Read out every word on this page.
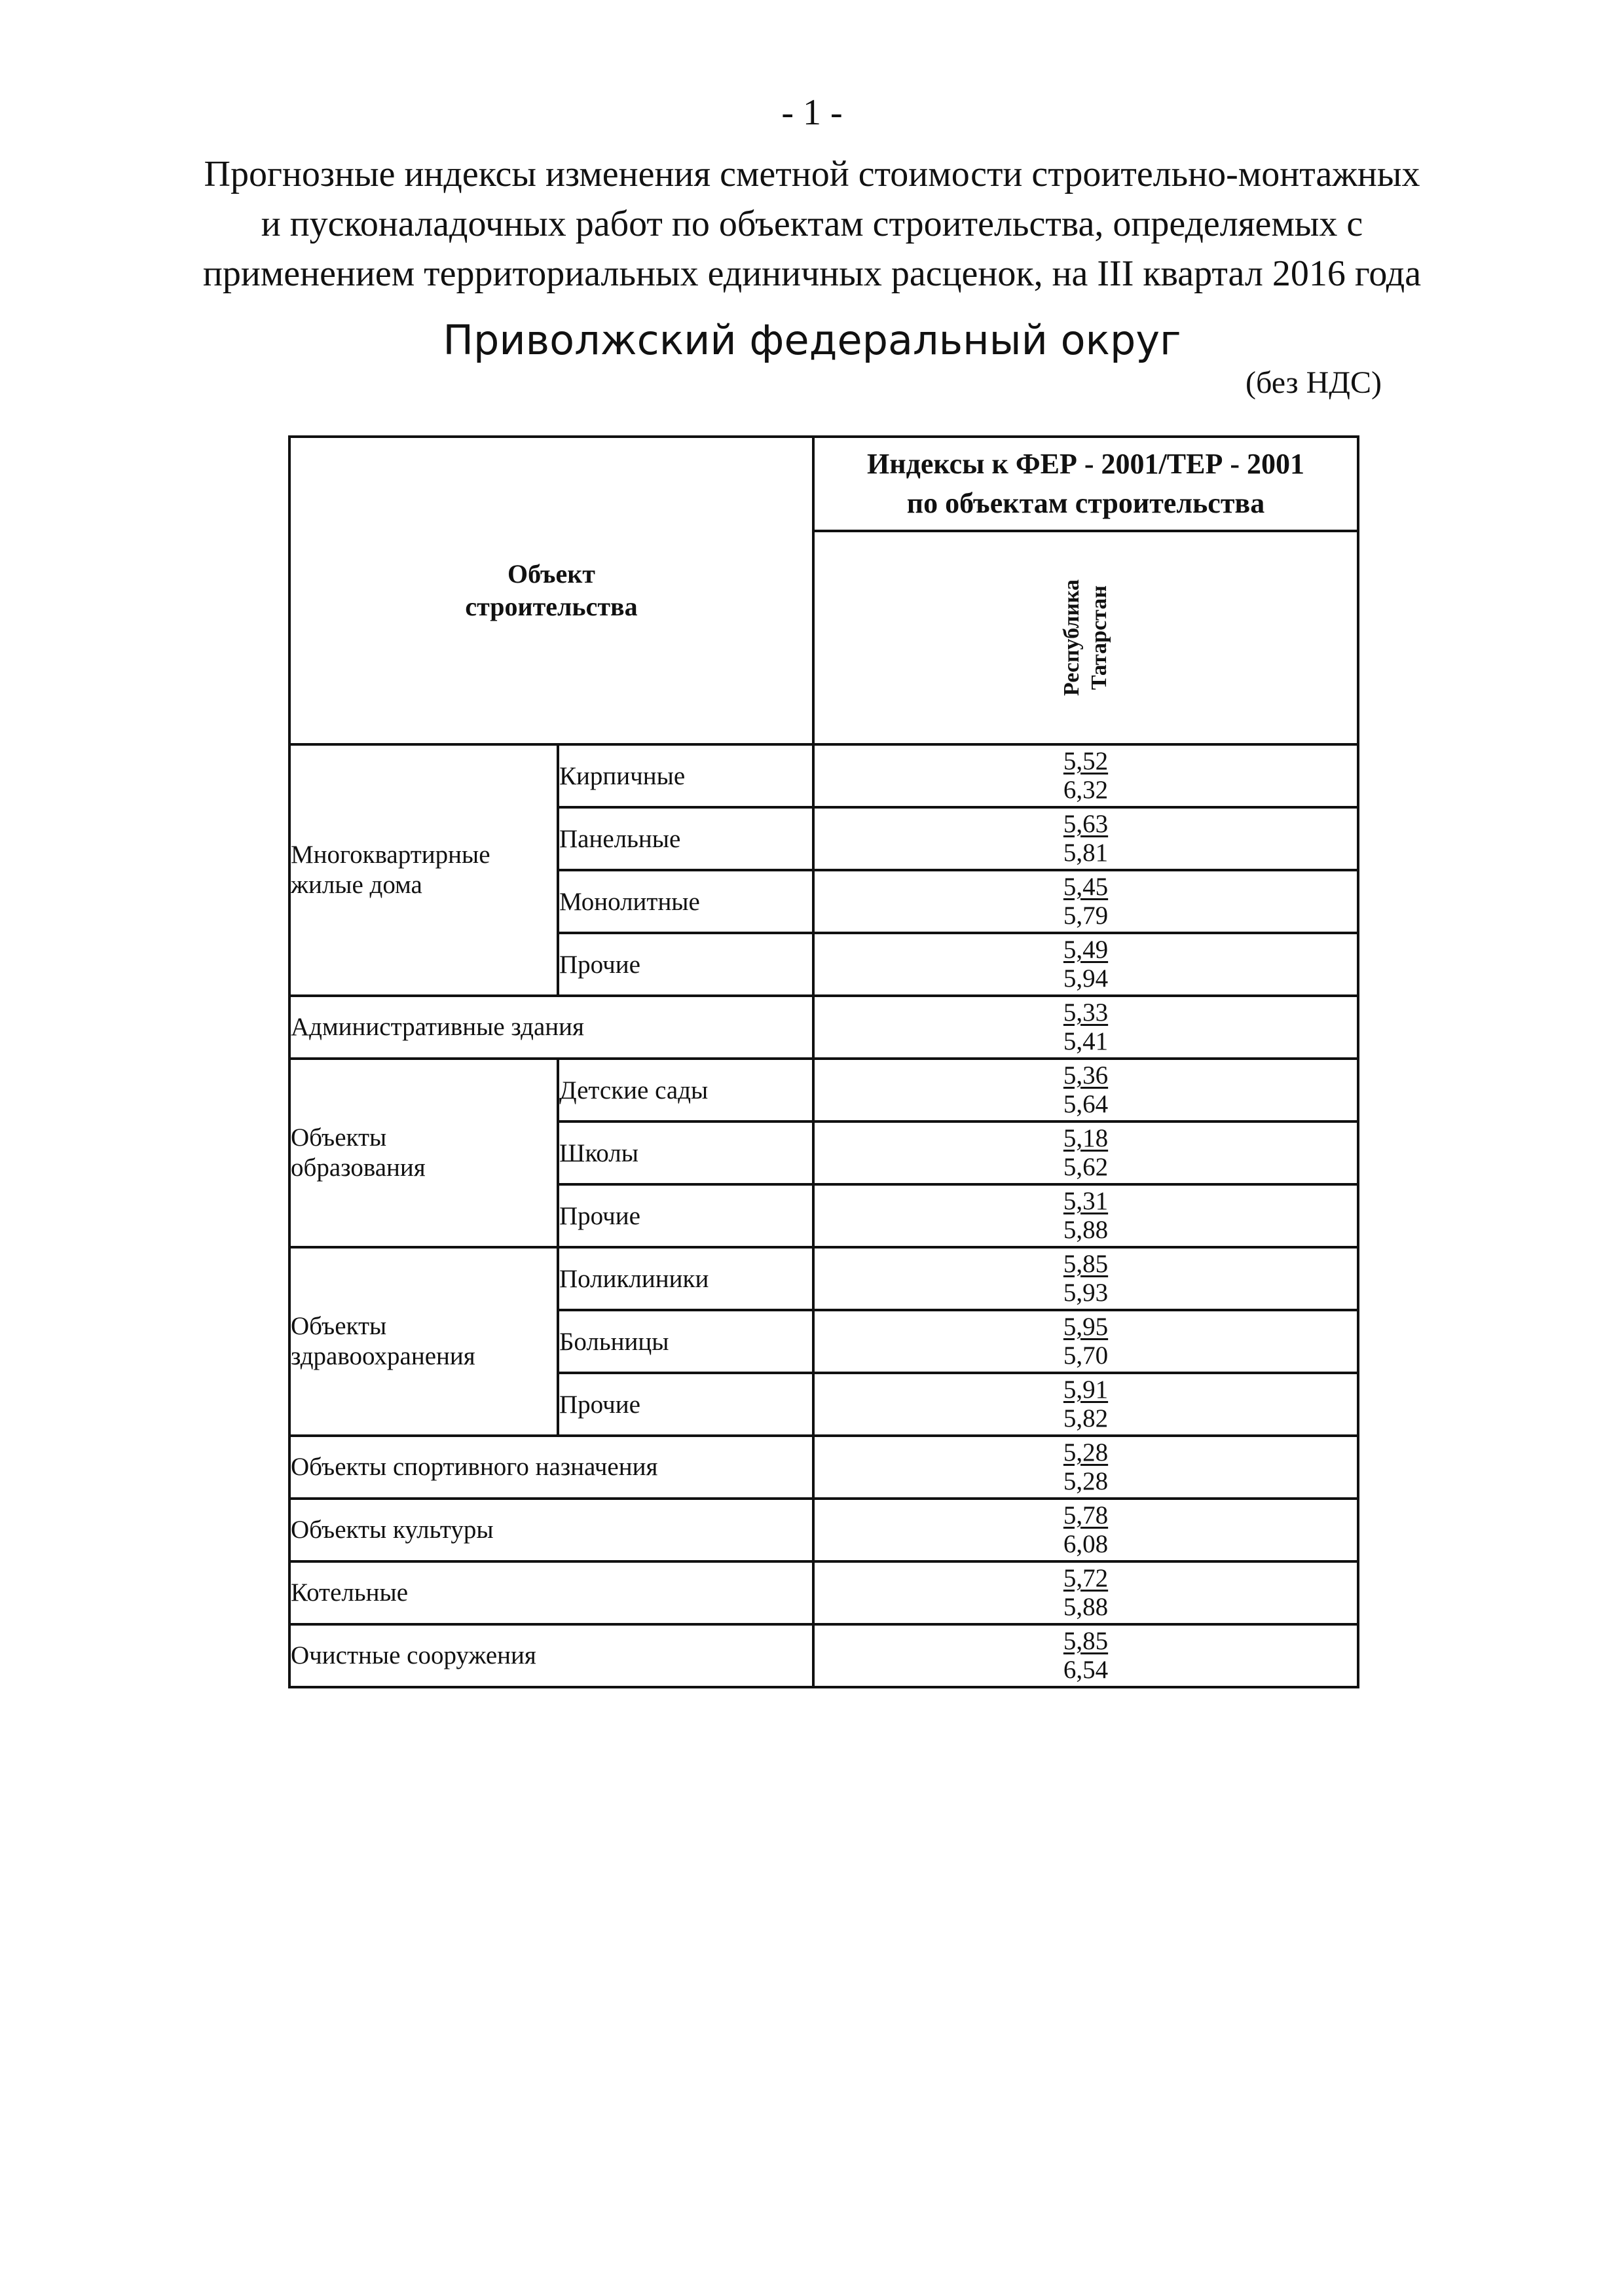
- 1 -
Прогнозные индексы изменения сметной стоимости строительно-монтажных
и пусконаладочных работ по объектам строительства, определяемых с
применением территориальных единичных расценок, на III квартал 2016 года
Приволжский федеральный округ
(без НДС)
Объект
строительства		Индексы к ФЕР - 2001/ТЕР - 2001
по объектам строительства

		Республика Татарстан

Многоквартирные
жилые дома	Кирпичные	5,52
6,32

	Панельные	5,63
5,81

	Монолитные	5,45
5,79

	Прочие	5,49
5,94

Административные здания		5,33
5,41

Объекты
образования	Детские сады	5,36
5,64

	Школы	5,18
5,62

	Прочие	5,31
5,88

Объекты
здравоохранения	Поликлиники	5,85
5,93

	Больницы	5,95
5,70

	Прочие	5,91
5,82

Объекты спортивного назначения		5,28
5,28

Объекты культуры		5,78
6,08

Котельные		5,72
5,88

Очистные сооружения		5,85
6,54
